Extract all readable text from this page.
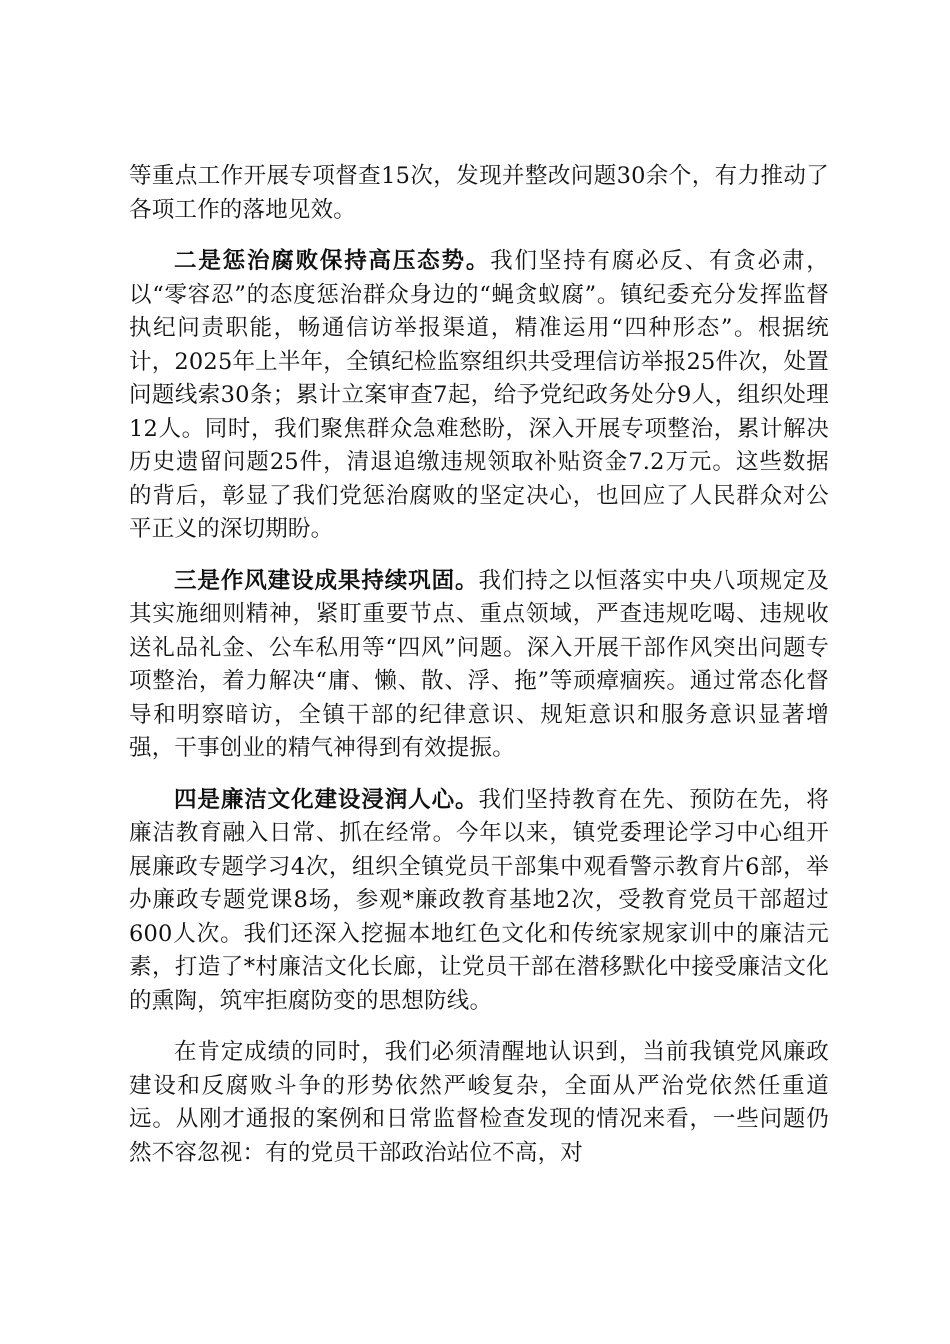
等重点工作开展专项督查15次，发现并整改问题30余个，有力推动了各项工作的落地见效。

二是惩治腐败保持高压态势。我们坚持有腐必反、有贪必肃，以“零容忍”的态度惩治群众身边的“蝇贪蚁腐”。镇纪委充分发挥监督执纪问责职能，畅通信访举报渠道，精准运用“四种形态”。根据统计，2025年上半年，全镇纪检监察组织共受理信访举报25件次，处置问题线索30条；累计立案审查7起，给予党纪政务处分9人，组织处理12人。同时，我们聚焦群众急难愁盼，深入开展专项整治，累计解决历史遗留问题25件，清退追缴违规领取补贴资金7.2万元。这些数据的背后，彰显了我们党惩治腐败的坚定决心，也回应了人民群众对公平正义的深切期盼。

三是作风建设成果持续巩固。我们持之以恒落实中央八项规定及其实施细则精神，紧盯重要节点、重点领域，严查违规吃喝、违规收送礼品礼金、公车私用等“四风”问题。深入开展干部作风突出问题专项整治，着力解决“庸、懒、散、浮、拖”等顽瘴痼疾。通过常态化督导和明察暗访，全镇干部的纪律意识、规矩意识和服务意识显著增强，干事创业的精气神得到有效提振。

四是廉洁文化建设浸润人心。我们坚持教育在先、预防在先，将廉洁教育融入日常、抓在经常。今年以来，镇党委理论学习中心组开展廉政专题学习4次，组织全镇党员干部集中观看警示教育片6部，举办廉政专题党课8场，参观*廉政教育基地2次，受教育党员干部超过600人次。我们还深入挖掘本地红色文化和传统家规家训中的廉洁元素，打造了*村廉洁文化长廊，让党员干部在潜移默化中接受廉洁文化的熏陶，筑牢拒腐防变的思想防线。

在肯定成绩的同时，我们必须清醒地认识到，当前我镇党风廉政建设和反腐败斗争的形势依然严峻复杂，全面从严治党依然任重道远。从刚才通报的案例和日常监督检查发现的情况来看，一些问题仍然不容忽视：有的党员干部政治站位不高，对
